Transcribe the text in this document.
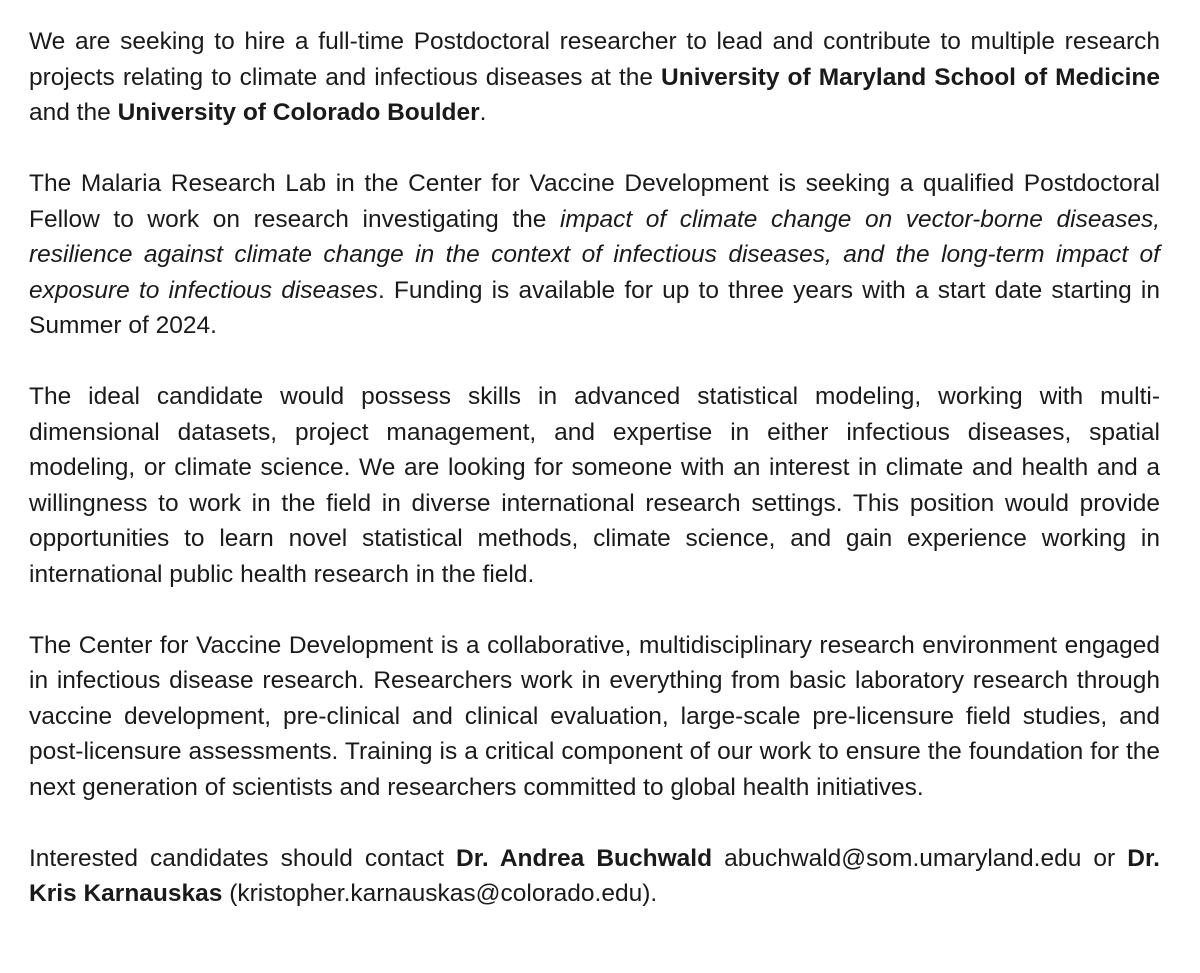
We are seeking to hire a full-time Postdoctoral researcher to lead and contribute to multiple research projects relating to climate and infectious diseases at the University of Maryland School of Medicine and the University of Colorado Boulder.

The Malaria Research Lab in the Center for Vaccine Development is seeking a qualified Postdoctoral Fellow to work on research investigating the impact of climate change on vector-borne diseases, resilience against climate change in the context of infectious diseases, and the long-term impact of exposure to infectious diseases. Funding is available for up to three years with a start date starting in Summer of 2024.

The ideal candidate would possess skills in advanced statistical modeling, working with multi-dimensional datasets, project management, and expertise in either infectious diseases, spatial modeling, or climate science. We are looking for someone with an interest in climate and health and a willingness to work in the field in diverse international research settings. This position would provide opportunities to learn novel statistical methods, climate science, and gain experience working in international public health research in the field.

The Center for Vaccine Development is a collaborative, multidisciplinary research environment engaged in infectious disease research. Researchers work in everything from basic laboratory research through vaccine development, pre-clinical and clinical evaluation, large-scale pre-licensure field studies, and post-licensure assessments. Training is a critical component of our work to ensure the foundation for the next generation of scientists and researchers committed to global health initiatives.

Interested candidates should contact Dr. Andrea Buchwald abuchwald@som.umaryland.edu or Dr. Kris Karnauskas (kristopher.karnauskas@colorado.edu).
